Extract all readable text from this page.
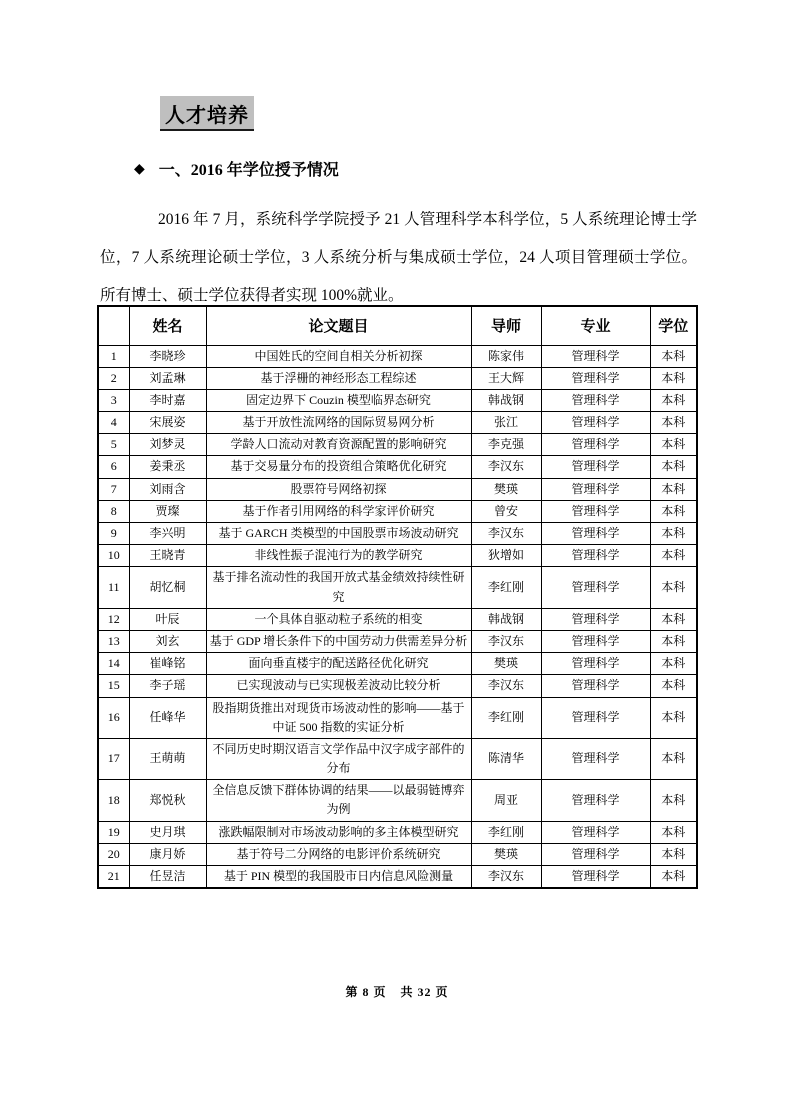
人才培养
◆ 一、2016 年学位授予情况

2016 年 7 月，系统科学学院授予 21 人管理科学本科学位，5 人系统理论博士学位，7 人系统理论硕士学位，3 人系统分析与集成硕士学位，24 人项目管理硕士学位。所有博士、硕士学位获得者实现 100%就业。

	姓名	论文题目	导师	专业	学位
1	李晓珍	中国姓氏的空间自相关分析初探	陈家伟	管理科学	本科
2	刘孟琳	基于浮栅的神经形态工程综述	王大辉	管理科学	本科
3	李时嘉	固定边界下 Couzin 模型临界态研究	韩战钢	管理科学	本科
4	宋展姿	基于开放性流网络的国际贸易网分析	张江	管理科学	本科
5	刘梦灵	学龄人口流动对教育资源配置的影响研究	李克强	管理科学	本科
6	姜秉丞	基于交易量分布的投资组合策略优化研究	李汉东	管理科学	本科
7	刘雨含	股票符号网络初探	樊瑛	管理科学	本科
8	贾璨	基于作者引用网络的科学家评价研究	曾安	管理科学	本科
9	李兴明	基于 GARCH 类模型的中国股票市场波动研究	李汉东	管理科学	本科
10	王晓青	非线性振子混沌行为的教学研究	狄增如	管理科学	本科
11	胡忆桐	基于排名流动性的我国开放式基金绩效持续性研究	李红刚	管理科学	本科
12	叶辰	一个具体自驱动粒子系统的相变	韩战钢	管理科学	本科
13	刘玄	基于 GDP 增长条件下的中国劳动力供需差异分析	李汉东	管理科学	本科
14	崔峰铭	面向垂直楼宇的配送路径优化研究	樊瑛	管理科学	本科
15	李子瑶	已实现波动与已实现极差波动比较分析	李汉东	管理科学	本科
16	任峰华	股指期货推出对现货市场波动性的影响——基于中证 500 指数的实证分析	李红刚	管理科学	本科
17	王萌萌	不同历史时期汉语言文学作品中汉字成字部件的分布	陈清华	管理科学	本科
18	郑悦秋	全信息反馈下群体协调的结果——以最弱链博弈为例	周亚	管理科学	本科
19	史月琪	涨跌幅限制对市场波动影响的多主体模型研究	李红刚	管理科学	本科
20	康月娇	基于符号二分网络的电影评价系统研究	樊瑛	管理科学	本科
21	任昱洁	基于 PIN 模型的我国股市日内信息风险测量	李汉东	管理科学	本科
第 8 页 共 32 页
